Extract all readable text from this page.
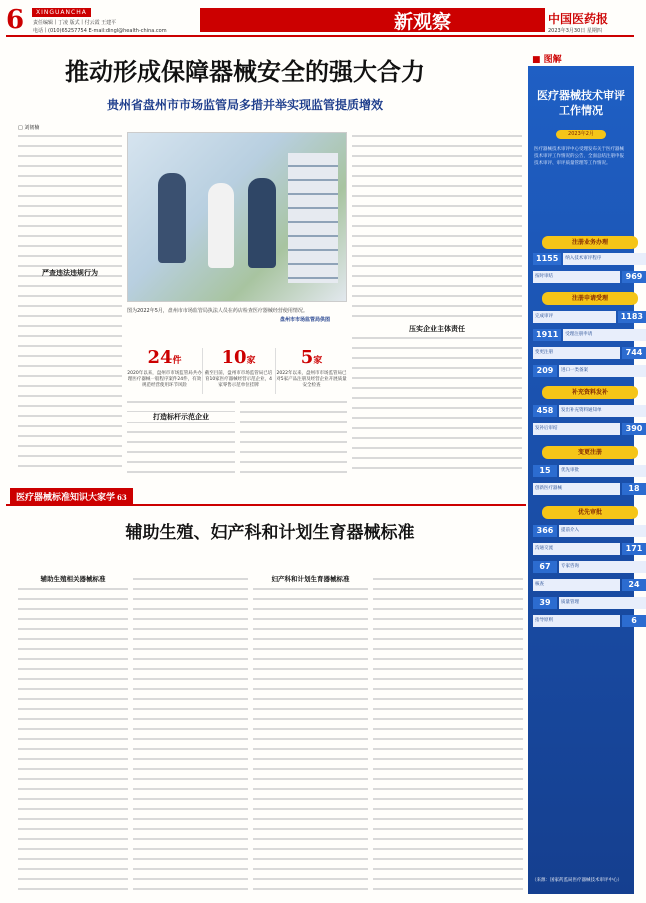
6	XINGUANCHA
责任编辑丨丁凌 版式丨付云霞 王建平
电话丨(010)65257754 E-mail:dingl@health-china.com	新观察	中国医药报
2023年3月30日 星期四
推动形成保障器械安全的强大合力
贵州省盘州市市场监管局多措并举实现监管提质增效
□ 刘韧楠
严查违法违规行为
图为2022年5月，盘州市市场监管局执法人员在药店检查医疗器械经营使用情况。
盘州市市场监管局供图
压实企业主体责任
24件
2020年以来，盘州市市场监管局共办理医疗器械一般程序案件24件，有效规范经营使用环节风险
10家
截至目前，盘州市市场监管局已培育10家医疗器械经营示范企业，4家零售示范单位挂牌
5家
2022年以来，盘州市市场监管局已对5家产品注册及经营企业开展质量安全检查
打造标杆示范企业
医疗器械标准知识大家学 63
辅助生殖、妇产科和计划生育器械标准
辅助生殖相关器械标准	妇产科和计划生育器械标准
■ 图解
医疗器械技术审评工作情况
2023年2月
医疗器械技术审评中心受理发布关于医疗器械技术审评工作情况的公告，全面总结注册申报技术审评、审评质量管理等工作情况。
注册业务办理
1155	纳入技术审评程序
按时审结	969
注册申请受理
完成审评	1183
1911	受理注册申请
变更注册	744
209	进口一类备案
补充资料发补
458	发出补充资料通知单
发补后审结	390
变更注册
15	优先审批
创新医疗器械	18
优先审批
366	提前介入
沟通交流	171
67	专家咨询
核查	24
39	质量管理
指导原则	6
（来源：国家药监局医疗器械技术审评中心）
